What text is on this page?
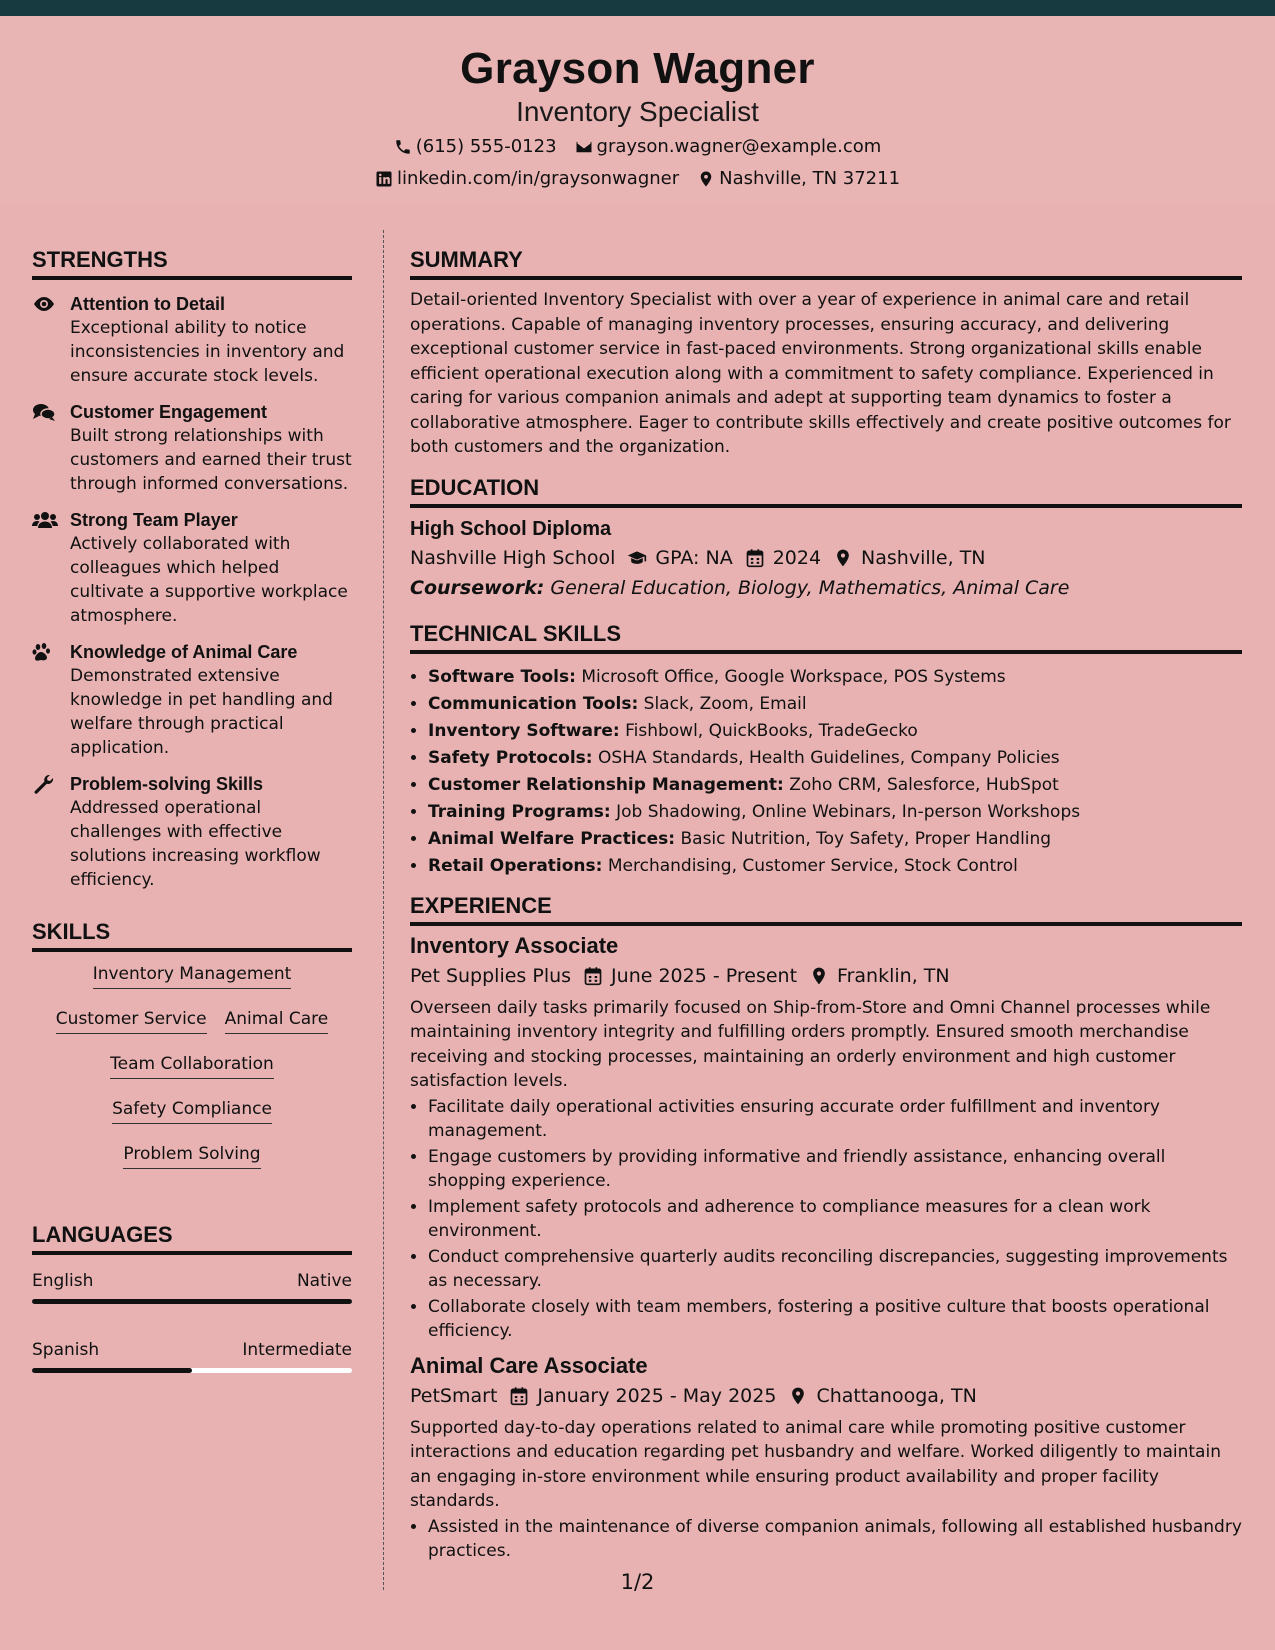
Grayson Wagner
Inventory Specialist
(615) 555-0123 grayson.wagner@example.com
linkedin.com/in/graysonwagner Nashville, TN 37211
STRENGTHS
Attention to Detail
Exceptional ability to notice inconsistencies in inventory and ensure accurate stock levels.
Customer Engagement
Built strong relationships with customers and earned their trust through informed conversations.
Strong Team Player
Actively collaborated with colleagues which helped cultivate a supportive workplace atmosphere.
Knowledge of Animal Care
Demonstrated extensive knowledge in pet handling and welfare through practical application.
Problem-solving Skills
Addressed operational challenges with effective solutions increasing workflow efficiency.
SKILLS
Inventory Management
Customer Service Animal Care
Team Collaboration
Safety Compliance
Problem Solving
LANGUAGES
English	Native
Spanish	Intermediate
SUMMARY
Detail-oriented Inventory Specialist with over a year of experience in animal care and retail operations. Capable of managing inventory processes, ensuring accuracy, and delivering exceptional customer service in fast-paced environments. Strong organizational skills enable efficient operational execution along with a commitment to safety compliance. Experienced in caring for various companion animals and adept at supporting team dynamics to foster a collaborative atmosphere. Eager to contribute skills effectively and create positive outcomes for both customers and the organization.
EDUCATION
High School Diploma
Nashville High School GPA: NA 2024 Nashville, TN
Coursework: General Education, Biology, Mathematics, Animal Care
TECHNICAL SKILLS
• Software Tools: Microsoft Office, Google Workspace, POS Systems
• Communication Tools: Slack, Zoom, Email
• Inventory Software: Fishbowl, QuickBooks, TradeGecko
• Safety Protocols: OSHA Standards, Health Guidelines, Company Policies
• Customer Relationship Management: Zoho CRM, Salesforce, HubSpot
• Training Programs: Job Shadowing, Online Webinars, In-person Workshops
• Animal Welfare Practices: Basic Nutrition, Toy Safety, Proper Handling
• Retail Operations: Merchandising, Customer Service, Stock Control
EXPERIENCE
Inventory Associate
Pet Supplies Plus June 2025 - Present Franklin, TN
Overseen daily tasks primarily focused on Ship-from-Store and Omni Channel processes while maintaining inventory integrity and fulfilling orders promptly. Ensured smooth merchandise receiving and stocking processes, maintaining an orderly environment and high customer satisfaction levels.
• Facilitate daily operational activities ensuring accurate order fulfillment and inventory management.
• Engage customers by providing informative and friendly assistance, enhancing overall shopping experience.
• Implement safety protocols and adherence to compliance measures for a clean work environment.
• Conduct comprehensive quarterly audits reconciling discrepancies, suggesting improvements as necessary.
• Collaborate closely with team members, fostering a positive culture that boosts operational efficiency.
Animal Care Associate
PetSmart January 2025 - May 2025 Chattanooga, TN
Supported day-to-day operations related to animal care while promoting positive customer interactions and education regarding pet husbandry and welfare. Worked diligently to maintain an engaging in-store environment while ensuring product availability and proper facility standards.
• Assisted in the maintenance of diverse companion animals, following all established husbandry practices.
1/2
